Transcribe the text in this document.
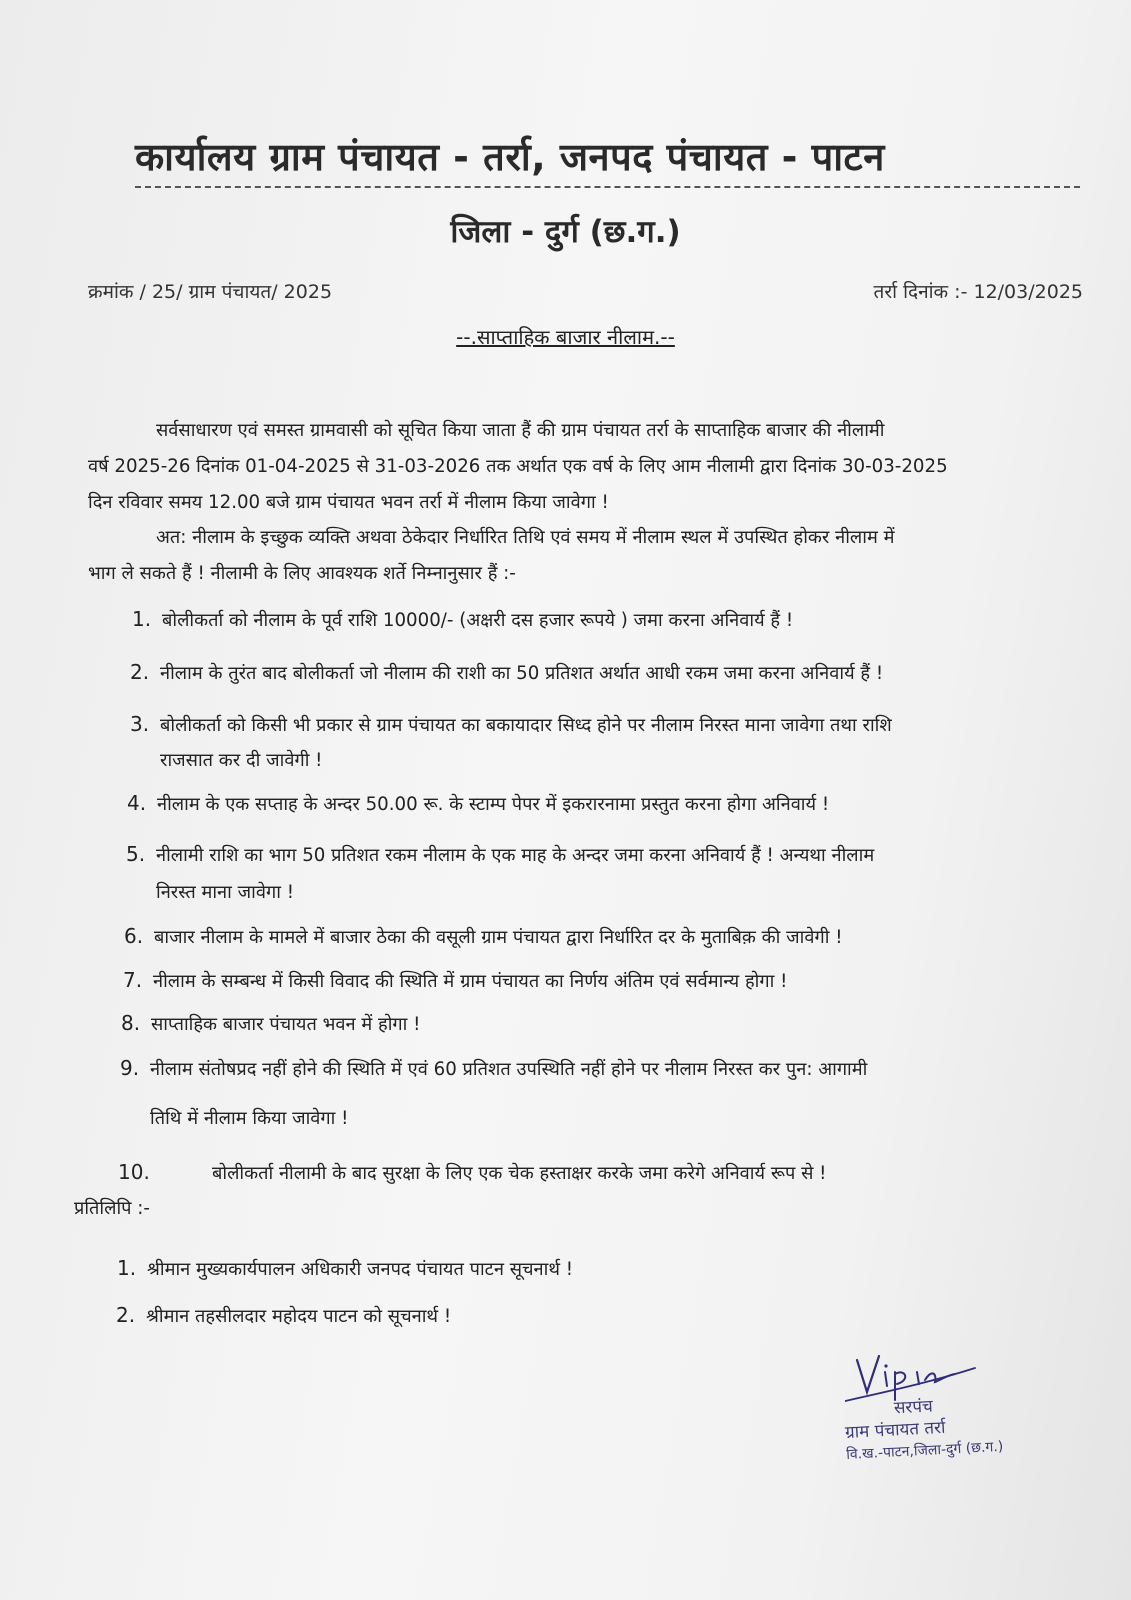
कार्यालय ग्राम पंचायत - तर्रा, जनपद पंचायत - पाटन
जिला - दुर्ग (छ.ग.)
क्रमांक / 25/ ग्राम पंचायत/ 2025	तर्रा दिनांक :- 12/03/2025
--.साप्ताहिक बाजार नीलाम.--
सर्वसाधारण एवं समस्त ग्रामवासी को सूचित किया जाता हैं की ग्राम पंचायत तर्रा के साप्ताहिक बाजार की नीलामी
वर्ष 2025-26 दिनांक 01-04-2025 से 31-03-2026 तक अर्थात एक वर्ष के लिए आम नीलामी द्वारा दिनांक 30-03-2025
दिन रविवार समय 12.00 बजे ग्राम पंचायत भवन तर्रा में नीलाम किया जावेगा !
अत: नीलाम के इच्छुक व्यक्ति अथवा ठेकेदार निर्धारित तिथि एवं समय में नीलाम स्थल में उपस्थित होकर नीलाम में
भाग ले सकते हैं ! नीलामी के लिए आवश्यक शर्ते निम्नानुसार हैं :-
1. बोलीकर्ता को नीलाम के पूर्व राशि 10000/- (अक्षरी दस हजार रूपये ) जमा करना अनिवार्य हैं !
2. नीलाम के तुरंत बाद बोलीकर्ता जो नीलाम की राशी का 50 प्रतिशत अर्थात आधी रकम जमा करना अनिवार्य हैं !
3. बोलीकर्ता को किसी भी प्रकार से ग्राम पंचायत का बकायादार सिध्द होने पर नीलाम निरस्त माना जावेगा तथा राशि
राजसात कर दी जावेगी !
4. नीलाम के एक सप्ताह के अन्दर 50.00 रू. के स्टाम्प पेपर में इकरारनामा प्रस्तुत करना होगा अनिवार्य !
5. नीलामी राशि का भाग 50 प्रतिशत रकम नीलाम के एक माह के अन्दर जमा करना अनिवार्य हैं ! अन्यथा नीलाम
निरस्त माना जावेगा !
6. बाजार नीलाम के मामले में बाजार ठेका की वसूली ग्राम पंचायत द्वारा निर्धारित दर के मुताबिक़ की जावेगी !
7. नीलाम के सम्बन्ध में किसी विवाद की स्थिति में ग्राम पंचायत का निर्णय अंतिम एवं सर्वमान्य होगा !
8. साप्ताहिक बाजार पंचायत भवन में होगा !
9. नीलाम संतोषप्रद नहीं होने की स्थिति में एवं 60 प्रतिशत उपस्थिति नहीं होने पर नीलाम निरस्त कर पुन: आगामी
तिथि में नीलाम किया जावेगा !
10.	बोलीकर्ता नीलामी के बाद सुरक्षा के लिए एक चेक हस्ताक्षर करके जमा करेगे अनिवार्य रूप से !
प्रतिलिपि :-
1. श्रीमान मुख्यकार्यपालन अधिकारी जनपद पंचायत पाटन सूचनार्थ !
2. श्रीमान तहसीलदार महोदय पाटन को सूचनार्थ !
सरपंच
ग्राम पंचायत तर्रा
वि.ख.-पाटन,जिला-दुर्ग (छ.ग.)
